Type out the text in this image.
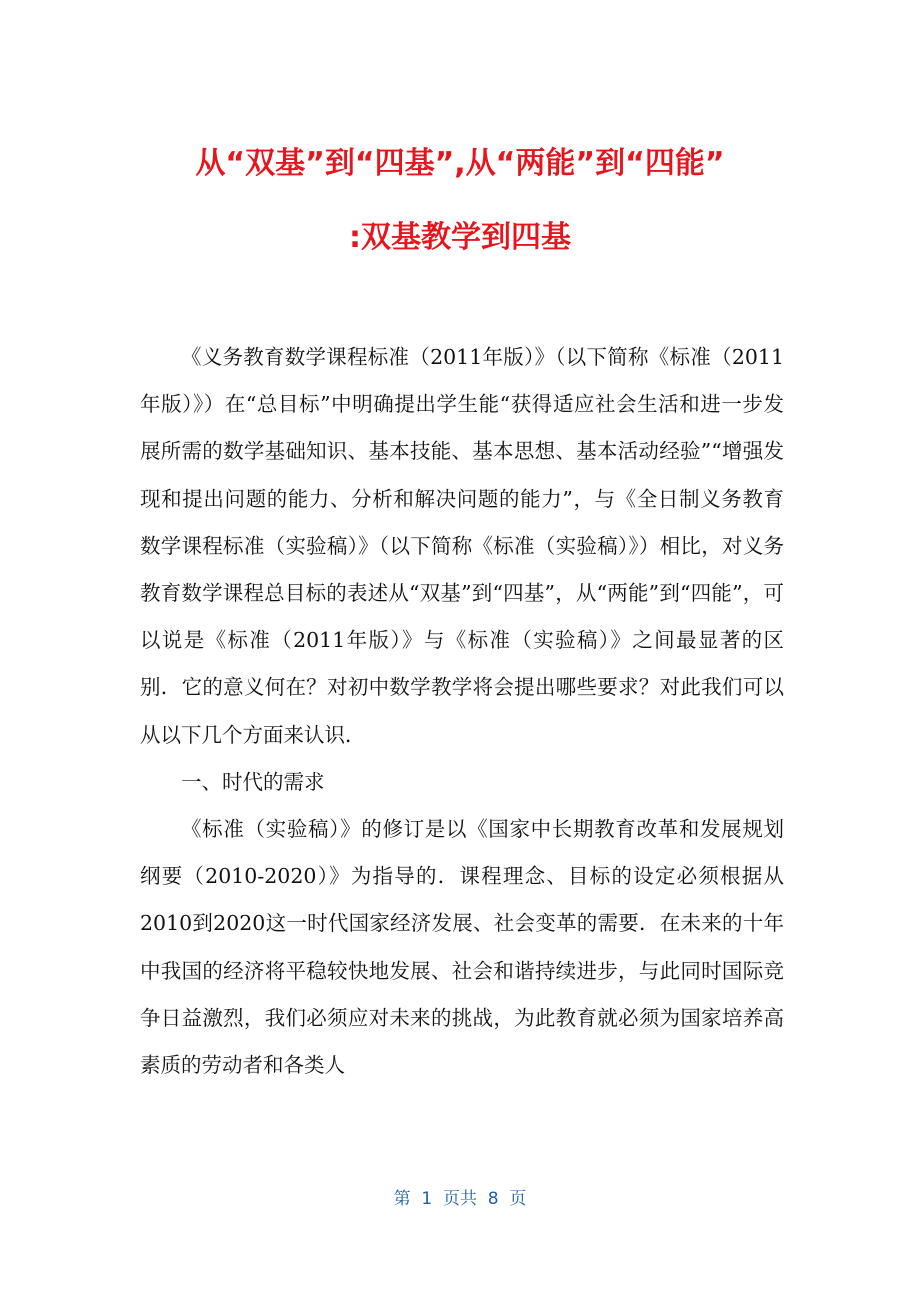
从“双基”到“四基”,从“两能”到“四能”
:双基教学到四基

《义务教育数学课程标准（2011年版）》（以下简称《标准（2011年版）》）在“总目标”中明确提出学生能“获得适应社会生活和进一步发展所需的数学基础知识、基本技能、基本思想、基本活动经验”“增强发现和提出问题的能力、分析和解决问题的能力”，与《全日制义务教育数学课程标准（实验稿）》（以下简称《标准（实验稿）》）相比，对义务教育数学课程总目标的表述从“双基”到“四基”，从“两能”到“四能”，可以说是《标准（2011年版）》与《标准（实验稿）》之间最显著的区别．它的意义何在？对初中数学教学将会提出哪些要求？对此我们可以从以下几个方面来认识．

一、时代的需求

《标准（实验稿）》的修订是以《国家中长期教育改革和发展规划纲要（2010-2020）》为指导的．课程理念、目标的设定必须根据从2010到2020这一时代国家经济发展、社会变革的需要．在未来的十年中我国的经济将平稳较快地发展、社会和谐持续进步，与此同时国际竞争日益激烈，我们必须应对未来的挑战，为此教育就必须为国家培养高素质的劳动者和各类人

第  1  页共  8  页
